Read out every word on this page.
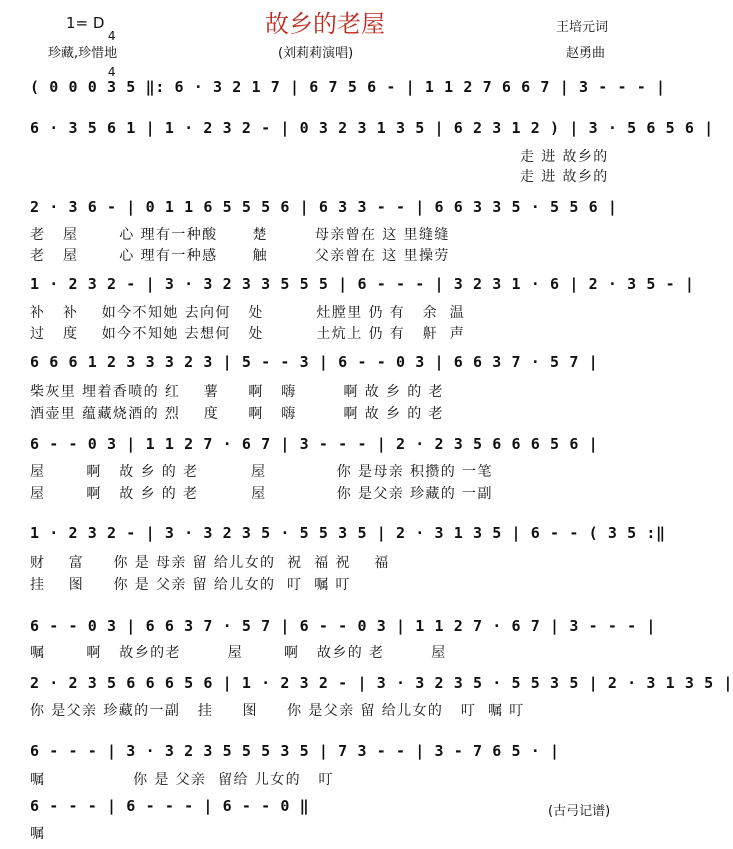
1= D

4

4

故乡的老屋
珍藏,珍惜地	(刘莉莉演唱)
王培元词
赵勇曲
( 0 0 0 3 5 ‖: 6 · 3 2 1 7 | 6 7 5 6 - | 1 1 2 7 6 6 7 | 3 - - - |
6 · 3 5 6 1 | 1 · 2 3 2 - | 0 3 2 3 1 3 5 | 6 2 3 1 2 ) | 3 · 5 6 5 6 |
走 进 故乡的
走 进 故乡的
2 · 3 6 - | 0 1 1 6 5 5 5 6 | 6 3 3 - - | 6 6 3 3 5 · 5 5 6 |
老   屋       心 理有一种酸      楚        母亲曾在 这 里缝缝
老   屋       心 理有一种感      触        父亲曾在 这 里操劳
1 · 2 3 2 - | 3 · 3 2 3 3 5 5 5 | 6 - - - | 3 2 3 1 · 6 | 2 · 3 5 - |
补   补    如今不知她 去向何   处         灶膛里 仍 有   余  温
过   度    如今不知她 去想何   处         土炕上 仍 有   鼾  声
6 6 6 1 2 3 3 3 2 3 | 5 - - 3 | 6 - - 0 3 | 6 6 3 7 · 5 7 |
柴灰里 埋着香喷的 红    薯     啊   嗨        啊 故 乡 的 老
酒壶里 蕴藏烧酒的 烈    度     啊   嗨        啊 故 乡 的 老
6 - - 0 3 | 1 1 2 7 · 6 7 | 3 - - - | 2 · 2 3 5 6 6 6 5 6 |
屋       啊   故 乡 的 老         屋            你 是母亲 积攒的 一笔
屋       啊   故 乡 的 老         屋            你 是父亲 珍藏的 一副
1 · 2 3 2 - | 3 · 3 2 3 5 · 5 5 3 5 | 2 · 3 1 3 5 | 6 - - ( 3 5 :‖
财    富     你 是 母亲 留 给儿女的  祝  福 祝    福
挂    图     你 是 父亲 留 给儿女的  叮  嘱 叮
6 - - 0 3 | 6 6 3 7 · 5 7 | 6 - - 0 3 | 1 1 2 7 · 6 7 | 3 - - - |
嘱       啊   故乡的老        屋       啊   故乡的 老        屋
2 · 2 3 5 6 6 6 5 6 | 1 · 2 3 2 - | 3 · 3 2 3 5 · 5 5 3 5 | 2 · 3 1 3 5 |
你 是父亲 珍藏的一副   挂     图     你 是父亲 留 给儿女的   叮  嘱 叮
6 - - - | 3 · 3 2 3 5 5 5 3 5 | 7 3 - - | 3 - 7 6 5 · |
嘱               你 是 父亲  留给 儿女的   叮
6 - - - | 6 - - - | 6 - - 0 ‖
嘱
(古弓记谱)
